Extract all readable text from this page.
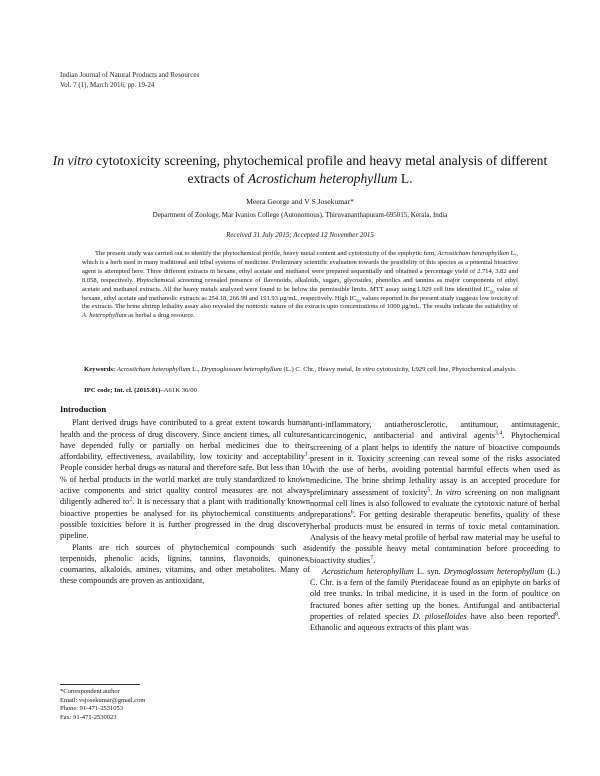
Indian Journal of Natural Products and Resources
Vol. 7 (1), March 2016, pp. 19-24
In vitro cytotoxicity screening, phytochemical profile and heavy metal analysis of different extracts of Acrostichum heterophyllum L.
Meera George and V S Josekumar*
Department of Zoology, Mar Ivanios College (Autonomous), Thiruvananthapuram-695015, Kerala, India
Received 31 July 2015; Accepted 12 November 2015

The present study was carried out to identify the phytochemical profile, heavy metal content and cytotoxicity of the epiphytic fern, Acrostichum heterophyllum L., which is a herb used in many traditional and tribal systems of medicine. Preliminary scientific evaluation towards the possibility of this species as a potential bioactive agent is attempted here. Three different extracts in hexane, ethyl acetate and methanol were prepared sequentially and obtained a percentage yield of 2.714, 3.82 and 8.058, respectively. Phytochemical screening revealed presence of flavonoids, alkaloids, sugars, glycosides, phenolics and tannins as major components of ethyl acetate and methanol extracts. All the heavy metals analyzed were found to be below the permissible limits. MTT assay using L929 cell line identified $IC_{50}$ value of hexane, ethyl acetate and methanolic extracts as 254.18, 266.99 and 191.93 µg/mL, respectively. High $IC_{50}$ values reported in the present study suggests low toxicity of the extracts. The brine shrimp lethality assay also revealed the nontoxic nature of the extracts upto concentrations of 1000 µg/mL. The results indicate the suitability of A. heterophyllum as herbal a drug resource.

Keywords: Acrostichum heterophyllum L., Drymoglossum heterophyllum (L.) C. Chr., Heavy metal, In vitro cytotoxicity, L929 cell line, Phytochemical analysis.

IPC code; Int. cl. (2015.01)–A61K 36/00
Introduction

Plant derived drugs have contributed to a great extent towards human health and the process of drug discovery. Since ancient times, all cultures have depended fully or partially on herbal medicines due to their affordability, effectiveness, availability, low toxicity and acceptability$^1$. People consider herbal drugs as natural and therefore safe. But less than 10 % of herbal products in the world market are truly standardized to known active components and strict quality control measures are not always diligently adhered $to^2$. It is necessary that a plant with traditionally known bioactive properties be analysed for its phytochemical constituents and possible toxicities before it is further progressed in the drug discovery pipeline.

Plants are rich sources of phytochemical compounds such as terpenoids, phenolic acids, lignins, tannins, flavonoids, quinones, coumarins, alkaloids, amines, vitamins, and other metabolites. Many of these compounds are proven as antioxidant,

anti-inflammatory, antiatherosclerotic, antitumour, antimutagenic, anticarcinogenic, antibacterial and antiviral agents$^{3,4}$. Phytochemical screening of a plant helps to identify the nature of bioactive compounds present in it. Toxicity screening can reveal some of the risks associated with the use of herbs, avoiding potential harmful effects when used as medicine. The brine shrimp lethality assay is an accepted procedure for preliminary assessment of toxicity$^5$. In vitro screening on non malignant normal cell lines is also followed to evaluate the cytotoxic nature of herbal preparations$^6$. For getting desirable therapeutic benefits, quality of these herbal products must be ensured in terms of toxic metal contamination. Analysis of the heavy metal profile of herbal raw material may be useful to identify the possible heavy metal contamination before proceeding to bioactivity studies$^7$.

Acrostichum heterophyllum L. syn. Drymoglossum heterophyllum (L.) C. Chr. is a fern of the family Pteridaceae found as an epiphyte on barks of old tree trunks. In tribal medicine, it is used in the form of poultice on fractured bones after setting up the bones. Antifungal and antibacterial properties of related species D. piloselloides have also been reported$^8$. Ethanolic and aqueous extracts of this plant was

*Correspondent author
Email: vsjosekumar@gmail.com
Phone: 91-471-2531053
Fax: 91-471-2530023
